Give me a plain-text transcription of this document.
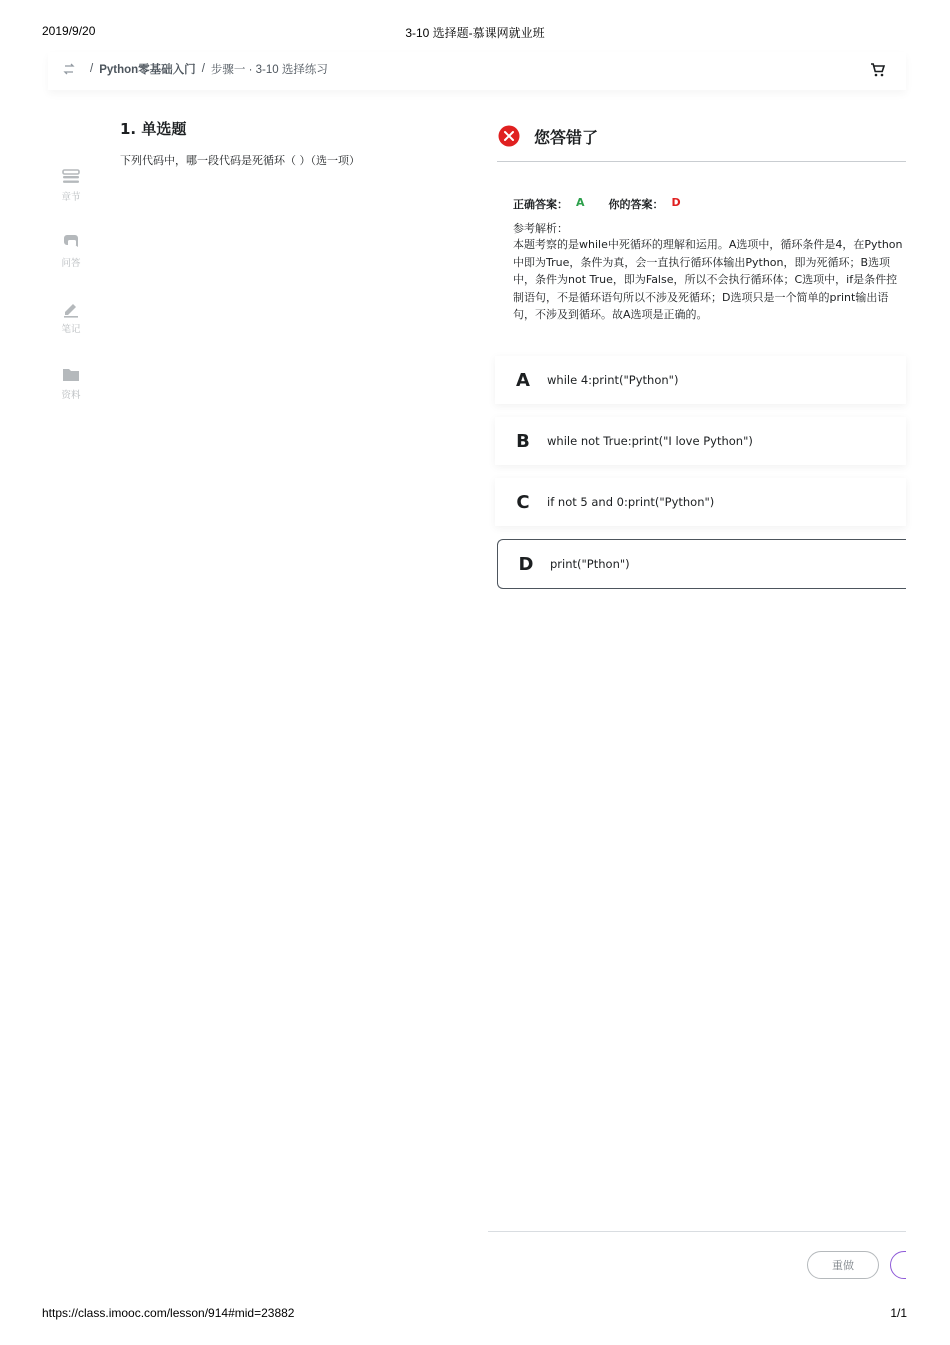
2019/9/20	3-10 选择题-慕课网就业班
https://class.imooc.com/lesson/914#mid=23882	1/1
/ Python零基础入门 / 步骤一 · 3-10 选择练习
章节
问答
笔记
资料
1. 单选题
下列代码中，哪一段代码是死循环（ ）（选一项）
您答错了
正确答案： A 你的答案： D
参考解析：
本题考察的是while中死循环的理解和运用。A选项中，循环条件是4，在Python中即为True，条件为真，会一直执行循环体输出Python，即为死循环；B选项中，条件为not True，即为False，所以不会执行循环体；C选项中，if是条件控制语句，不是循环语句所以不涉及死循环；D选项只是一个简单的print输出语句，不涉及到循环。故A选项是正确的。
A	while 4:print("Python")
B	while not True:print("I love Python")
C	if not 5 and 0:print("Python")
D	print("Pthon")
重做
